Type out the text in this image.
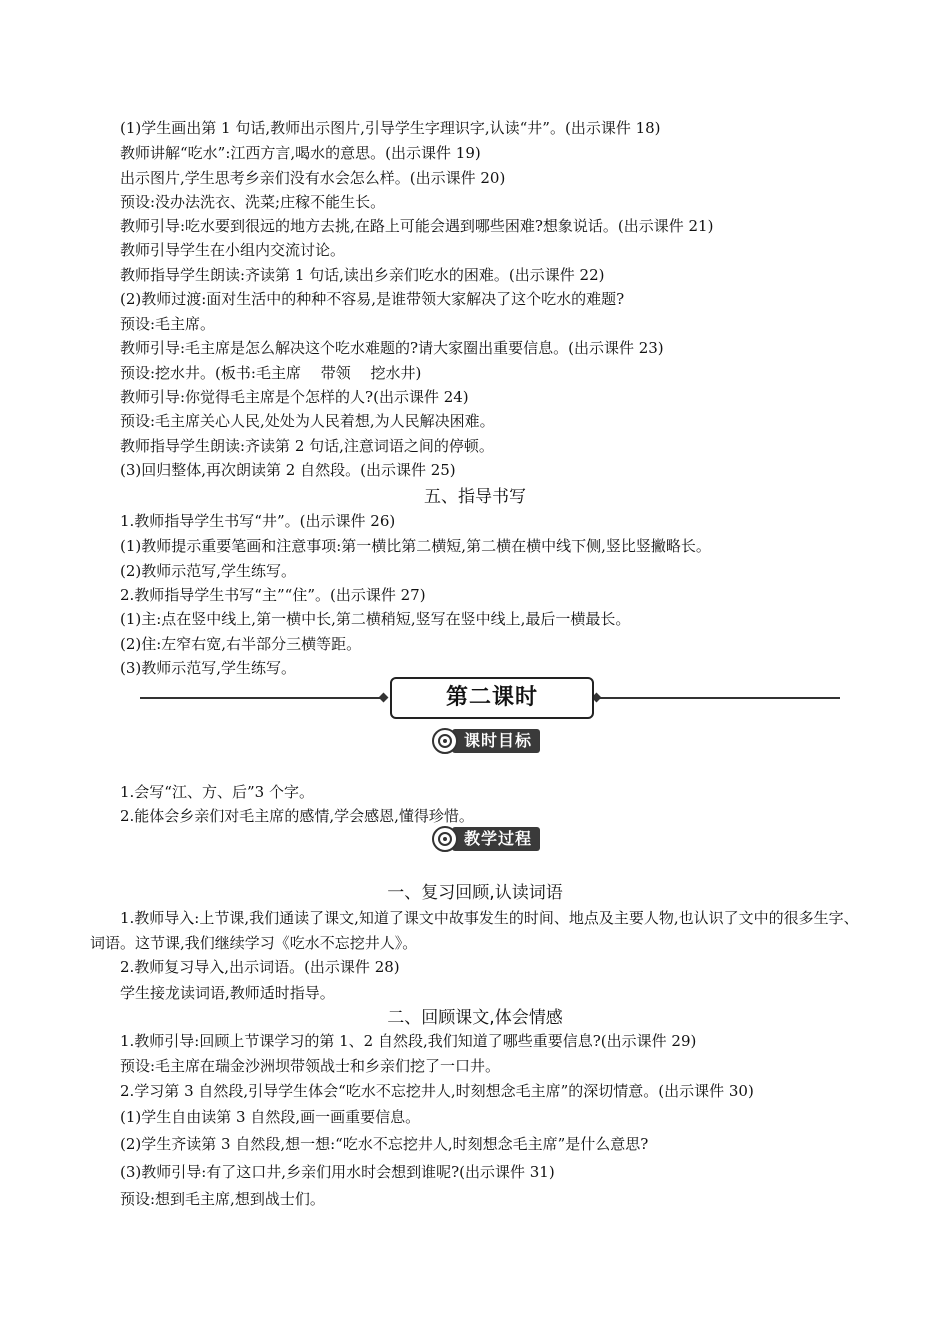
(1)学生画出第 1 句话,教师出示图片,引导学生字理识字,认读“井”。(出示课件 18)
教师讲解“吃水”:江西方言,喝水的意思。(出示课件 19)
出示图片,学生思考乡亲们没有水会怎么样。(出示课件 20)
预设:没办法洗衣、洗菜;庄稼不能生长。
教师引导:吃水要到很远的地方去挑,在路上可能会遇到哪些困难?想象说话。(出示课件 21)
教师引导学生在小组内交流讨论。
教师指导学生朗读:齐读第 1 句话,读出乡亲们吃水的困难。(出示课件 22)
(2)教师过渡:面对生活中的种种不容易,是谁带领大家解决了这个吃水的难题?
预设:毛主席。
教师引导:毛主席是怎么解决这个吃水难题的?请大家圈出重要信息。(出示课件 23)
预设:挖水井。(板书:毛主席　 带领　 挖水井)
教师引导:你觉得毛主席是个怎样的人?(出示课件 24)
预设:毛主席关心人民,处处为人民着想,为人民解决困难。
教师指导学生朗读:齐读第 2 句话,注意词语之间的停顿。
(3)回归整体,再次朗读第 2 自然段。(出示课件 25)
五、指导书写
1.教师指导学生书写“井”。(出示课件 26)
(1)教师提示重要笔画和注意事项:第一横比第二横短,第二横在横中线下侧,竖比竖撇略长。
(2)教师示范写,学生练写。
2.教师指导学生书写“主”“住”。(出示课件 27)
(1)主:点在竖中线上,第一横中长,第二横稍短,竖写在竖中线上,最后一横最长。
(2)住:左窄右宽,右半部分三横等距。
(3)教师示范写,学生练写。
第二课时
课时目标
1.会写“江、方、后”3 个字。
2.能体会乡亲们对毛主席的感情,学会感恩,懂得珍惜。
教学过程
一、复习回顾,认读词语
1.教师导入:上节课,我们通读了课文,知道了课文中故事发生的时间、地点及主要人物,也认识了文中的很多生字、词语。这节课,我们继续学习《吃水不忘挖井人》。
2.教师复习导入,出示词语。(出示课件 28)
学生接龙读词语,教师适时指导。
二、回顾课文,体会情感
1.教师引导:回顾上节课学习的第 1、2 自然段,我们知道了哪些重要信息?(出示课件 29)
预设:毛主席在瑞金沙洲坝带领战士和乡亲们挖了一口井。
2.学习第 3 自然段,引导学生体会“吃水不忘挖井人,时刻想念毛主席”的深切情意。(出示课件 30)
(1)学生自由读第 3 自然段,画一画重要信息。
(2)学生齐读第 3 自然段,想一想:“吃水不忘挖井人,时刻想念毛主席”是什么意思?
(3)教师引导:有了这口井,乡亲们用水时会想到谁呢?(出示课件 31)
预设:想到毛主席,想到战士们。
